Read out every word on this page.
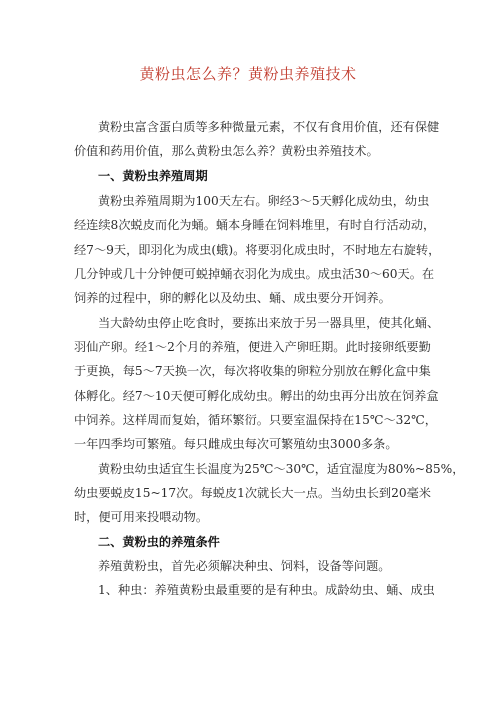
黄粉虫怎么养？黄粉虫养殖技术
黄粉虫富含蛋白质等多种微量元素，不仅有食用价值，还有保健
价值和药用价值，那么黄粉虫怎么养？黄粉虫养殖技术。
一、黄粉虫养殖周期
黄粉虫养殖周期为100天左右。卵经3～5天孵化成幼虫，幼虫
经连续8次蜕皮而化为蛹。蛹本身睡在饲料堆里，有时自行活动动，
经7～9天，即羽化为成虫(蛾)。将要羽化成虫时，不时地左右旋转，
几分钟或几十分钟便可蜕掉蛹衣羽化为成虫。成虫活30～60天。在
饲养的过程中，卵的孵化以及幼虫、蛹、成虫要分开饲养。
当大龄幼虫停止吃食时，要拣出来放于另一器具里，使其化蛹、
羽仙产卵。经1～2个月的养殖，便进入产卵旺期。此时接卵纸要勤
于更换，每5～7天换一次，每次将收集的卵粒分别放在孵化盒中集
体孵化。经7～10天便可孵化成幼虫。孵出的幼虫再分出放在饲养盒
中饲养。这样周而复始，循环繁衍。只要室温保持在15℃～32℃，
一年四季均可繁殖。每只雌成虫每次可繁殖幼虫3000多条。
黄粉虫幼虫适宜生长温度为25℃～30℃，适宜湿度为80%~85%，
幼虫要蜕皮15~17次。每蜕皮1次就长大一点。当幼虫长到20毫米
时，便可用来投喂动物。
二、黄粉虫的养殖条件
养殖黄粉虫，首先必须解决种虫、饲料，设备等问题。
1、种虫：养殖黄粉虫最重要的是有种虫。成龄幼虫、蛹、成虫
